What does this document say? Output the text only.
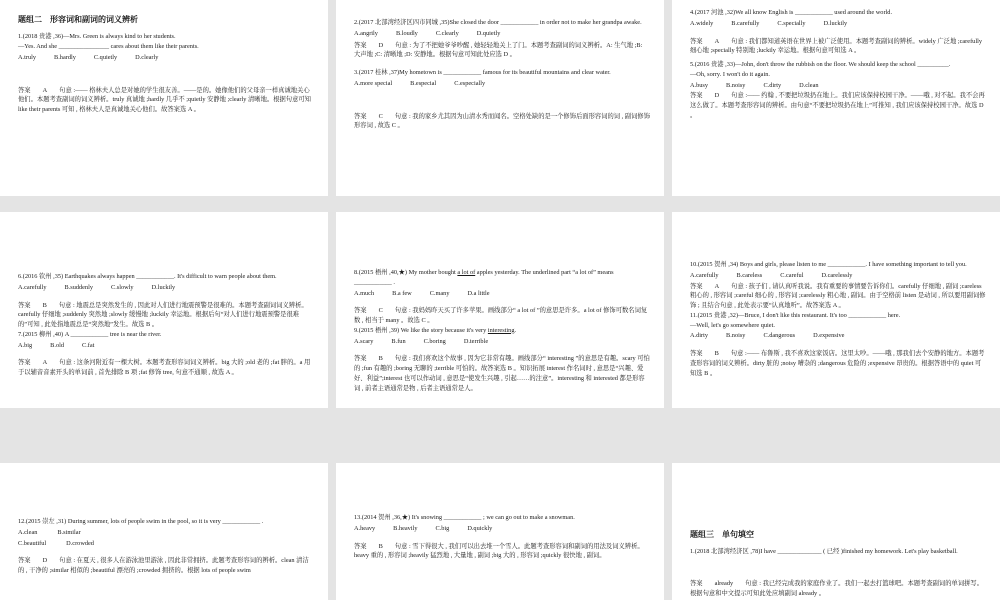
题组二　形容词和副词的词义辨析

1.(2018 贵港 ,36)—Mrs. Green is always kind to her students.

—Yes. And she ________________ cares about them like their parents.

A.truly	B.hardly	C.quietly	D.clearly
答案 A 句意 :—— 格林夫人总是对她的学生很友善。——是的。她像他们的父母亲一样真诚地关心他们。本题考查副词的词义辨析。truly 真诚地 ;hardly 几乎不 ;quietly 安静地 ;clearly 清晰地。根据句意可知 like their parents 可知 , 格林夫人是真诚地关心他们。故答案选 A 。

2.(2017 北部湾经济区四市同城 ,35)She closed the door ____________ in order not to make her grandpa awake.

A.angrily	B.loudly	C.clearly	D.quietly
答案 D 句意 : 为了不把她爷爷吵醒 , 她轻轻地关上了门。本题考查副词的词义辨析。A: 生气地 ;B: 大声地 ;C: 清晰地 ;D: 安静地。根据句意可知此处应选 D 。

3.(2017 桂林 ,37)My hometown is ____________ famous for its beautiful mountains and clear water.

A.more special	B.especial	C.especially
答案 C 句意 : 我的家乡尤其因为山清水秀而闻名。空格处缺的是一个修饰后面形容词的词 , 副词修饰形容词 , 故选 C 。

4.(2017 河池 ,32)We all know English is ____________ used around the world.

A.widely	B.carefully	C.specially	D.luckily
答案 A 句意 : 我们都知道英语在世界上被广泛使用。本题考查副词的辨析。widely 广泛地 ;carefully 细心地 ;specially 特别地 ;luckily 幸运地。根据句意可知选 A 。

5.(2016 贵港 ,33)—John, don't throw the rubbish on the floor. We should keep the school __________.

—Oh, sorry. I won't do it again.

A.busy	B.noisy	C.dirty	D.clean
答案 D 句意 :—— 约翰 , 不要把垃圾扔在地上。我们应该保持校园干净。——哦 , 对不起。我不会再这么做了。本题考查形容词的辨析。由句意“不要把垃圾扔在地上”可推知 , 我们应该保持校园干净。故选 D 。

6.(2016 钦州 ,35) Earthquakes always happen ____________. It's difficult to warn people about them.

A.carefully	B.suddenly	C.slowly	D.luckily
答案 B 句意 : 地震总是突然发生的 , 因此对人们进行地震预警是很难的。本题考查副词词义辨析。carefully 仔细地 ;suddenly 突然地 ;slowly 缓慢地 ;luckily 幸运地。根据后句“对人们进行地震预警是很难的”可知 , 此处指地震总是“突然地”发生。故选 B 。

7.(2015 柳州 ,40) A ____________ tree is near the river.

A.big	B.old	C.fat
答案 A 句意 : 这条河附近有一棵大树。本题考查形容词词义辨析。big 大的 ;old 老的 ;fat 胖的。a 用于以辅音音素开头的单词前 , 首先排除 B 项 ;fat 修饰 tree, 句意不通顺 , 故选 A 。

8.(2015 梧州 ,40,★) My mother bought a lot of apples yesterday. The underlined part “a lot of” means ____________ .

A.much	B.a few	C.many	D.a little
答案 C 句意 : 我妈妈昨天买了许多苹果。画线部分“ a lot of ”的意思是许多。a lot of 修饰可数名词复数 , 相当于 many 。故选 C 。

9.(2015 梧州 ,39) We like the story because it's very interesting.

A.scary	B.fun	C.boring	D.terrible
答案 B 句意 : 我们喜欢这个故事 , 因为它非常有趣。画线部分“ interesting ”的意思是有趣。scary 可怕的 ;fun 有趣的 ;boring 无聊的 ;terrible 可怕的。故答案选 B 。知识拓展 interest 作名词时 , 意思是“兴趣、爱好、利益”;interest 也可以作动词 , 意思是“使发生兴趣 , 引起……的注意”。interesting 和 interested 都是形容词 , 前者主语通常是物 , 后者主语通常是人。

10.(2015 贺州 ,34) Boys and girls, please listen to me ____________. I have something important to tell you.

A.carefully	B.careless	C.careful	D.carelessly
答案 A 句意 : 孩子们 , 请认真听我说。我有重要的事情要告诉你们。carefully 仔细地 , 副词 ;careless 粗心的 , 形容词 ;careful 细心的 , 形容词 ;carelessly 粗心地 , 副词。由于空格前 listen 是动词 , 所以要用副词修饰 ; 且结合句意 , 此处表示要“认真地听”。故答案选 A 。

11.(2015 贵港 ,32)—Bruce, I don't like this restaurant. It's too ____________ here.

—Well, let's go somewhere quiet.

A.dirty	B.noisy	C.dangerous	D.expensive
答案 B 句意 :—— 布鲁斯 , 我不喜欢这家饭店。这里太吵。——哦 , 那我们去个安静的地方。本题考查形容词的词义辨析。dirty 脏的 ;noisy 嘈杂的 ;dangerous 危险的 ;expensive 昂贵的。根据答语中的 quiet 可知选 B 。

12.(2015 崇左 ,31) During summer, lots of people swim in the pool, so it is very ____________ .

A.clean	B.similar
C.beautiful	D.crowded
答案 D 句意 : 在夏天 , 很多人在游泳池里游泳 , 因此非常拥挤。此题考查形容词的辨析。clean 清洁的 , 干净的 ;similar 相似的 ;beautiful 漂亮的 ;crowded 拥挤的。根据 lots of people swim

13.(2014 贺州 ,36,★) It's snowing ____________ ; we can go out to make a snowman.

A.heavy	B.heavily	C.big	D.quickly
答案 B 句意 : 雪下得很大 , 我们可以出去堆一个雪人。此题考查形容词和副词的用法及词义辨析。heavy 重的 , 形容词 ;heavily 猛烈地 , 大量地 , 副词 ;big 大的 , 形容词 ;quickly 很快地 , 副词。
题组三　单句填空

1.(2018 北部湾经济区 ,78)I have ______________ ( 已经 )finished my homework. Let's play basketball.

答案 already 句意 : 我已经完成我的家庭作业了。我们一起去打篮球吧。本题考查副词的单词拼写。根据句意和中文提示可知此处应填副词 already 。
